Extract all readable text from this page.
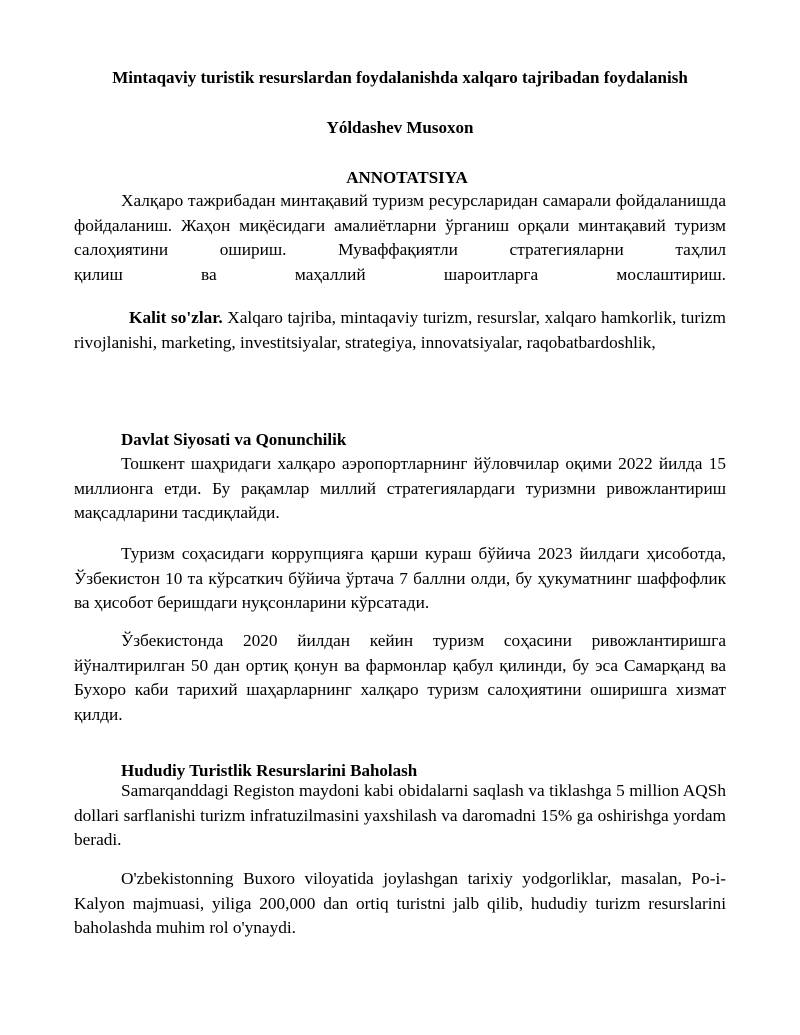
Mintaqaviy turistik resurslardan foydalanishda xalqaro tajribadan foydalanish
Yóldashev Musoxon
ANNOTATSIYA

Халқаро тажрибадан минтақавий туризм ресурсларидан самарали фойдаланишда фойдаланиш. Жаҳон миқёсидаги амалиётларни ўрганиш орқали минтақавий туризм салоҳиятини ошириш. Муваффақиятли стратегияларни таҳлил

қилиш ва маҳаллий шароитларга мослаштириш.

Kalit so'zlar. Xalqaro tajriba, mintaqaviy turizm, resurslar, xalqaro hamkorlik, turizm rivojlanishi, marketing, investitsiyalar, strategiya, innovatsiyalar, raqobatbardoshlik,

Davlat Siyosati va Qonunchilik

Тошкент шаҳридаги халқаро аэропортларнинг йўловчилар оқими 2022 йилда 15 миллионга етди. Бу рақамлар миллий стратегиялардаги туризмни ривожлантириш мақсадларини тасдиқлайди.

Туризм соҳасидаги коррупцияга қарши кураш бўйича 2023 йилдаги ҳисоботда, Ўзбекистон 10 та кўрсаткич бўйича ўртача 7 баллни олди, бу ҳукуматнинг шаффофлик ва ҳисобот беришдаги нуқсонларини кўрсатади.

Ўзбекистонда 2020 йилдан кейин туризм соҳасини ривожлантиришга йўналтирилган 50 дан ортиқ қонун ва фармонлар қабул қилинди, бу эса Самарқанд ва Бухоро каби тарихий шаҳарларнинг халқаро туризм салоҳиятини оширишга хизмат қилди.

Hududiy Turistlik Resurslarini Baholash

Samarqanddagi Registon maydoni kabi obidalarni saqlash va tiklashga 5 million AQSh dollari sarflanishi turizm infratuzilmasini yaxshilash va daromadni 15% ga oshirishga yordam beradi.

O'zbekistonning Buxoro viloyatida joylashgan tarixiy yodgorliklar, masalan, Po-i-Kalyon majmuasi, yiliga 200,000 dan ortiq turistni jalb qilib, hududiy turizm resurslarini baholashda muhim rol o'ynaydi.
